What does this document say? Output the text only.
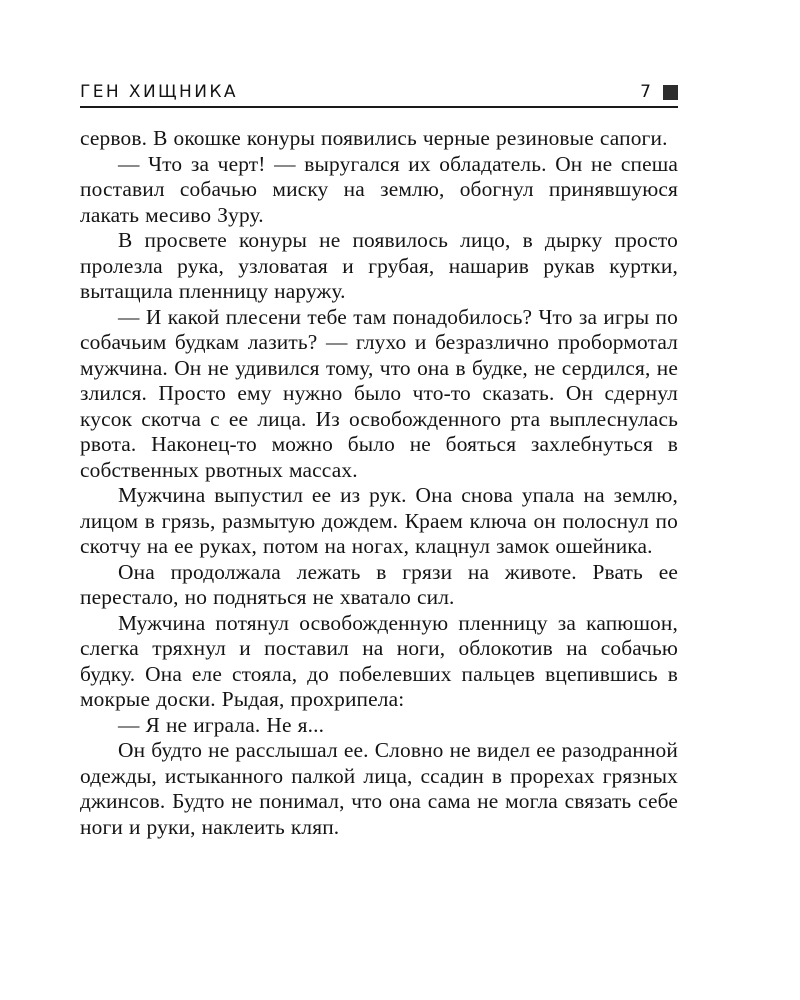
ГЕН ХИЩНИКА	7

сервов. В окошке конуры появились черные резиновые сапоги.

— Что за черт! — выругался их обладатель. Он не спеша поставил собачью миску на землю, обогнул принявшуюся лакать месиво Зуру.

В просвете конуры не появилось лицо, в дырку просто пролезла рука, узловатая и грубая, нашарив рукав куртки, вытащила пленницу наружу.

— И какой плесени тебе там понадобилось? Что за игры по собачьим будкам лазить? — глухо и безразлично пробормотал мужчина. Он не удивился тому, что она в будке, не сердился, не злился. Просто ему нужно было что-то сказать. Он сдернул кусок скотча с ее лица. Из освобожденного рта выплеснулась рвота. Наконец-то можно было не бояться захлебнуться в собственных рвотных массах.

Мужчина выпустил ее из рук. Она снова упала на землю, лицом в грязь, размытую дождем. Краем ключа он полоснул по скотчу на ее руках, потом на ногах, клацнул замок ошейника.

Она продолжала лежать в грязи на животе. Рвать ее перестало, но подняться не хватало сил.

Мужчина потянул освобожденную пленницу за капюшон, слегка тряхнул и поставил на ноги, облокотив на собачью будку. Она еле стояла, до побелевших пальцев вцепившись в мокрые доски. Рыдая, прохрипела:

— Я не играла. Не я...

Он будто не расслышал ее. Словно не видел ее разодранной одежды, истыканного палкой лица, ссадин в прорехах грязных джинсов. Будто не понимал, что она сама не могла связать себе ноги и руки, наклеить кляп.
